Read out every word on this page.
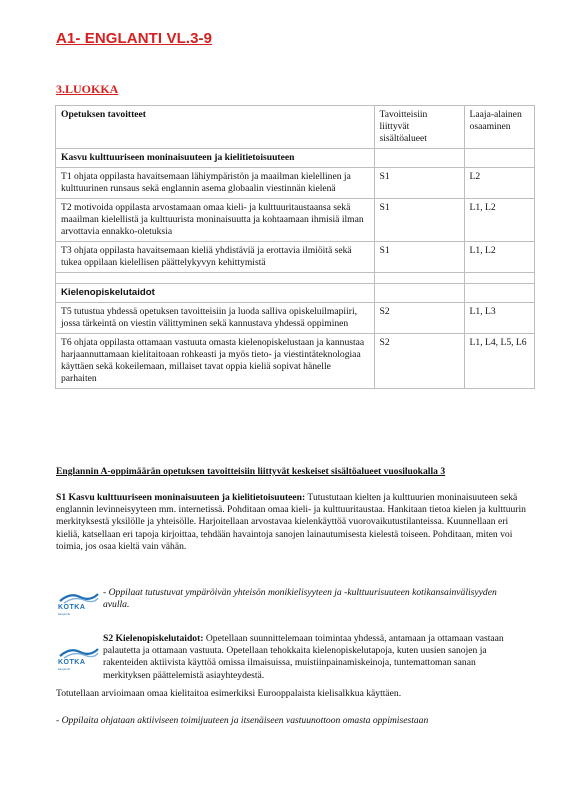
A1- ENGLANTI VL.3-9
3.LUOKKA
Opetuksen tavoitteet	Tavoitteisiin liittyvät sisältöalueet	Laaja-alainen osaaminen
Kasvu kulttuuriseen moninaisuuteen ja kielitietoisuuteen		
T1 ohjata oppilasta havaitsemaan lähiympäristön ja maailman kielellinen ja kulttuurinen runsaus sekä englannin asema globaalin viestinnän kielenä	S1	L2
T2 motivoida oppilasta arvostamaan omaa kieli- ja kulttuuritaustaansa sekä maailman kielellistä ja kulttuurista moninaisuutta ja kohtaamaan ihmisiä ilman arvottavia ennakko-oletuksia	S1	L1, L2
T3 ohjata oppilasta havaitsemaan kieliä yhdistäviä ja erottavia ilmiöitä sekä tukea oppilaan kielellisen päättelykyvyn kehittymistä	S1	L1, L2

Kielenopiskelutaidot		
T5 tutustua yhdessä opetuksen tavoitteisiin ja luoda salliva opiskeluilmapiiri, jossa tärkeintä on viestin välittyminen sekä kannustava yhdessä oppiminen	S2	L1, L3
T6 ohjata oppilasta ottamaan vastuuta omasta kielenopiskelustaan ja kannustaa harjaannuttamaan kielitaitoaan rohkeasti ja myös tieto- ja viestintäteknologiaa käyttäen sekä kokeilemaan, millaiset tavat oppia kieliä sopivat hänelle parhaiten	S2	L1, L4, L5, L6
Englannin A-oppimäärän opetuksen tavoitteisiin liittyvät keskeiset sisältöalueet vuosiluokalla 3
S1 Kasvu kulttuuriseen moninaisuuteen ja kielitietoisuuteen: Tutustutaan kielten ja kulttuurien moninaisuuteen sekä englannin levinneisyyteen mm. internetissä. Pohditaan omaa kieli- ja kulttuuritaustaa. Hankitaan tietoa kielen ja kulttuurin merkityksestä yksilölle ja yhteisölle. Harjoitellaan arvostavaa kielenkäyttöä vuorovaikutustilanteissa. Kuunnellaan eri kieliä, katsellaan eri tapoja kirjoittaa, tehdään havaintoja sanojen lainautumisesta kielestä toiseen. Pohditaan, miten voi toimia, jos osaa kieltä vain vähän.
KOTKA
kaupunki
- Oppilaat tutustuvat ympäröivän yhteisön monikielisyyteen ja -kulttuurisuuteen kotikansainvälisyyden avulla.
KOTKA
kaupunki
S2 Kielenopiskelutaidot: Opetellaan suunnittelemaan toimintaa yhdessä, antamaan ja ottamaan vastaan palautetta ja ottamaan vastuuta. Opetellaan tehokkaita kielenopiskelutapoja, kuten uusien sanojen ja rakenteiden aktiivista käyttöä omissa ilmaisuissa, muistiinpainamiskeinoja, tuntemattoman sanan merkityksen päättelemistä asiayhteydestä.
Totutellaan arvioimaan omaa kielitaitoa esimerkiksi Eurooppalaista kielisalkkua käyttäen.
- Oppilaita ohjataan aktiiviseen toimijuuteen ja itsenäiseen vastuunottoon omasta oppimisestaan
